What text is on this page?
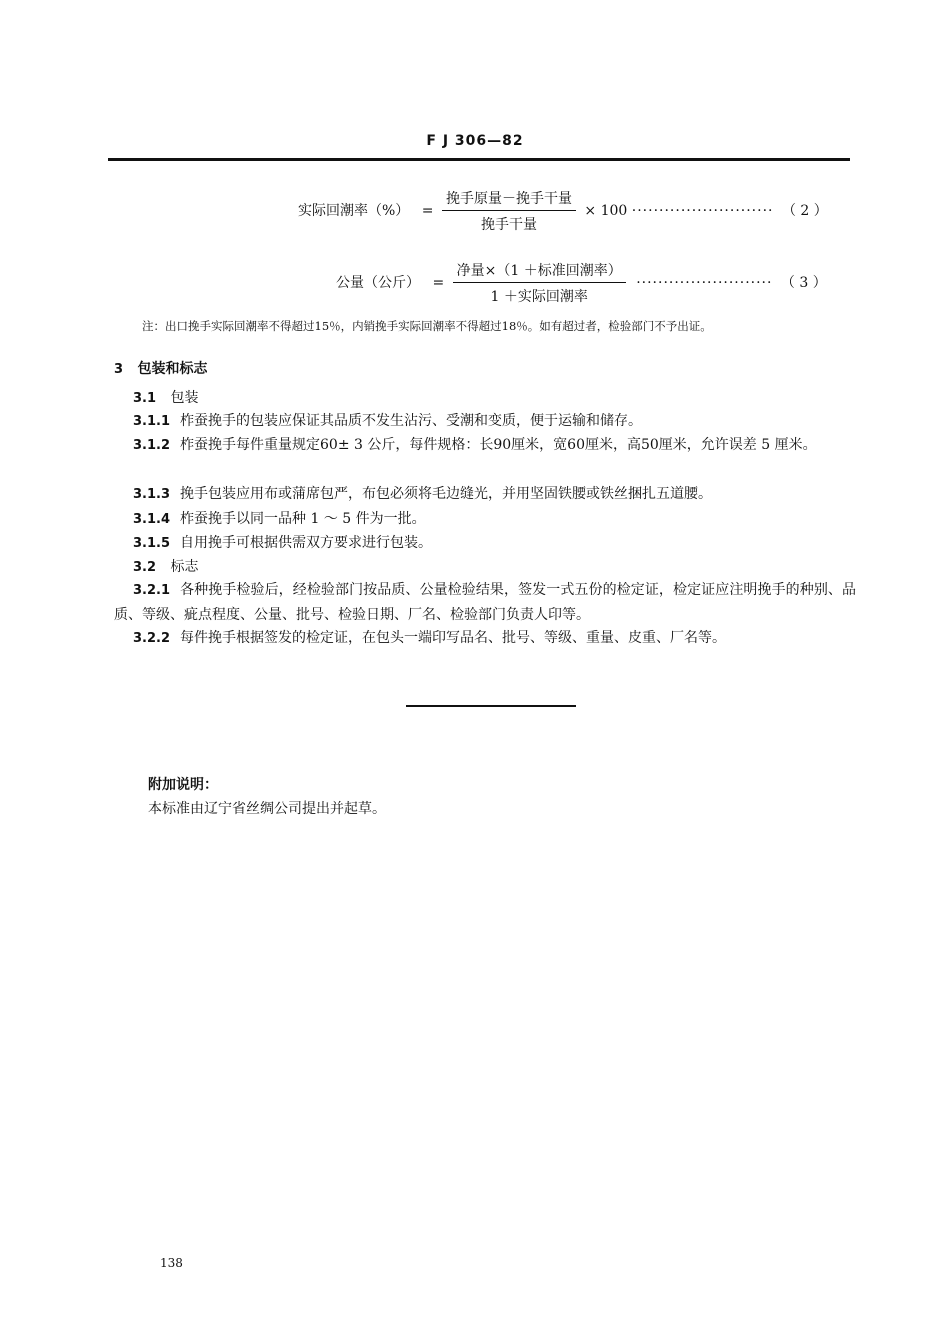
F J 306—82
实际回潮率（%） = $\frac{\text{挽手原量－挽手干量}}{\text{挽手干量}} \times 100$ ·························· （ 2 ）
公量（公斤） = $\frac{\text{净量×（1 ＋标准回潮率）}}{\text{1 ＋实际回潮率}}$ ························· （ 3 ）
注：出口挽手实际回潮率不得超过15％，内销挽手实际回潮率不得超过18％。如有超过者，检验部门不予出证。
3 包装和标志
3.1 包装
3.1.1 柞蚕挽手的包装应保证其品质不发生沾污、受潮和变质，便于运输和储存。
3.1.2 柞蚕挽手每件重量规定60± 3 公斤，每件规格：长90厘米，宽60厘米，高50厘米，允许误差 5 厘米。
3.1.3 挽手包装应用布或蒲席包严，布包必须将毛边缝光，并用坚固铁腰或铁丝捆扎五道腰。
3.1.4 柞蚕挽手以同一品种 1 ～ 5 件为一批。
3.1.5 自用挽手可根据供需双方要求进行包装。
3.2 标志
3.2.1 各种挽手检验后，经检验部门按品质、公量检验结果，签发一式五份的检定证，检定证应注明挽手的种别、品质、等级、疵点程度、公量、批号、检验日期、厂名、检验部门负责人印等。
3.2.2 每件挽手根据签发的检定证，在包头一端印写品名、批号、等级、重量、皮重、厂名等。
附加说明：
本标准由辽宁省丝绸公司提出并起草。
138
